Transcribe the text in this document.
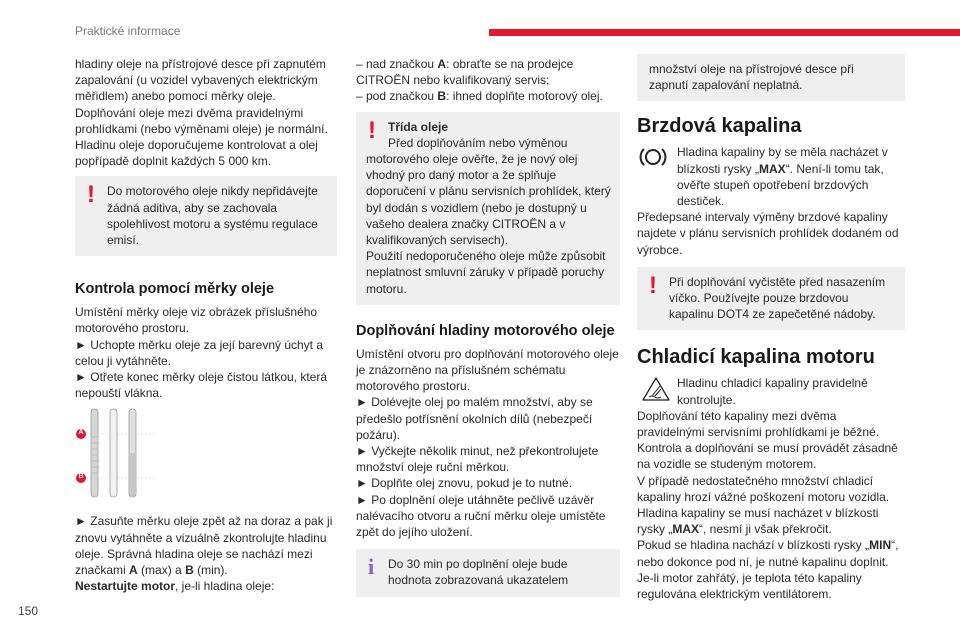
Praktické informace

hladiny oleje na přístrojové desce při zapnutém zapalování (u vozidel vybavených elektrickým měřidlem) anebo pomocí měrky oleje.

Doplňování oleje mezi dvěma pravidelnými prohlídkami (nebo výměnami oleje) je normální.

Hladinu oleje doporučujeme kontrolovat a olej popřípadě doplnit každých 5 000 km.

!	Do motorového oleje nikdy nepřidávejte žádná aditiva, aby se zachovala spolehlivost motoru a systému regulace emisí.
Kontrola pomocí měrky oleje

Umístění měrky oleje viz obrázek příslušného motorového prostoru.

► Uchopte měrku oleje za její barevný úchyt a celou ji vytáhněte.

► Otřete konec měrky oleje čistou látkou, která nepouští vlákna.

A
B

► Zasuňte měrku oleje zpět až na doraz a pak ji znovu vytáhněte a vizuálně zkontrolujte hladinu oleje. Správná hladina oleje se nachází mezi značkami A (max) a B (min).

Nestartujte motor, je-li hladina oleje:

– nad značkou A: obraťte se na prodejce CITROËN nebo kvalifikovaný servis;

– pod značkou B: ihned doplňte motorový olej.

!	Třída oleje
Před doplňováním nebo výměnou motorového oleje ověřte, že je nový olej vhodný pro daný motor a že splňuje doporučení v plánu servisních prohlídek, který byl dodán s vozidlem (nebo je dostupný u vašeho dealera značky CITROËN a v kvalifikovaných servisech).

Použití nedoporučeného oleje může způsobit neplatnost smluvní záruky v případě poruchy motoru.

Doplňování hladiny motorového oleje

Umístění otvoru pro doplňování motorového oleje je znázorněno na příslušném schématu motorového prostoru.

► Dolévejte olej po malém množství, aby se předešlo potřísnění okolních dílů (nebezpečí požáru).

► Vyčkejte několik minut, než překontrolujete množství oleje ruční měrkou.

► Doplňte olej znovu, pokud je to nutné.

► Po doplnění oleje utáhněte pečlivě uzávěr nalévacího otvoru a ruční měrku oleje umístěte zpět do jejího uložení.

i	Do 30 min po doplnění oleje bude hodnota zobrazovaná ukazatelem
množství oleje na přístrojové desce při zapnutí zapalování neplatná.
Brzdová kapalina

Hladina kapaliny by se měla nacházet v blízkosti rysky „MAX“. Není-li tomu tak, ověřte stupeň opotřebení brzdových destiček.

Předepsané intervaly výměny brzdové kapaliny najdete v plánu servisních prohlídek dodaném od výrobce.

!	Při doplňování vyčistěte před nasazením víčko. Používejte pouze brzdovou kapalinu DOT4 ze zapečetěné nádoby.
Chladicí kapalina motoru

Hladinu chladicí kapaliny pravidelně kontrolujte.

Doplňování této kapaliny mezi dvěma pravidelnými servisními prohlídkami je běžné.

Kontrola a doplňování se musí provádět zásadně na vozidle se studeným motorem.

V případě nedostatečného množství chladicí kapaliny hrozí vážné poškození motoru vozidla.

Hladina kapaliny se musí nacházet v blízkosti rysky „MAX“, nesmí ji však překročit.

Pokud se hladina nachází v blízkosti rysky „MIN“, nebo dokonce pod ní, je nutné kapalinu doplnit.

Je-li motor zahřátý, je teplota této kapaliny regulována elektrickým ventilátorem.

150
